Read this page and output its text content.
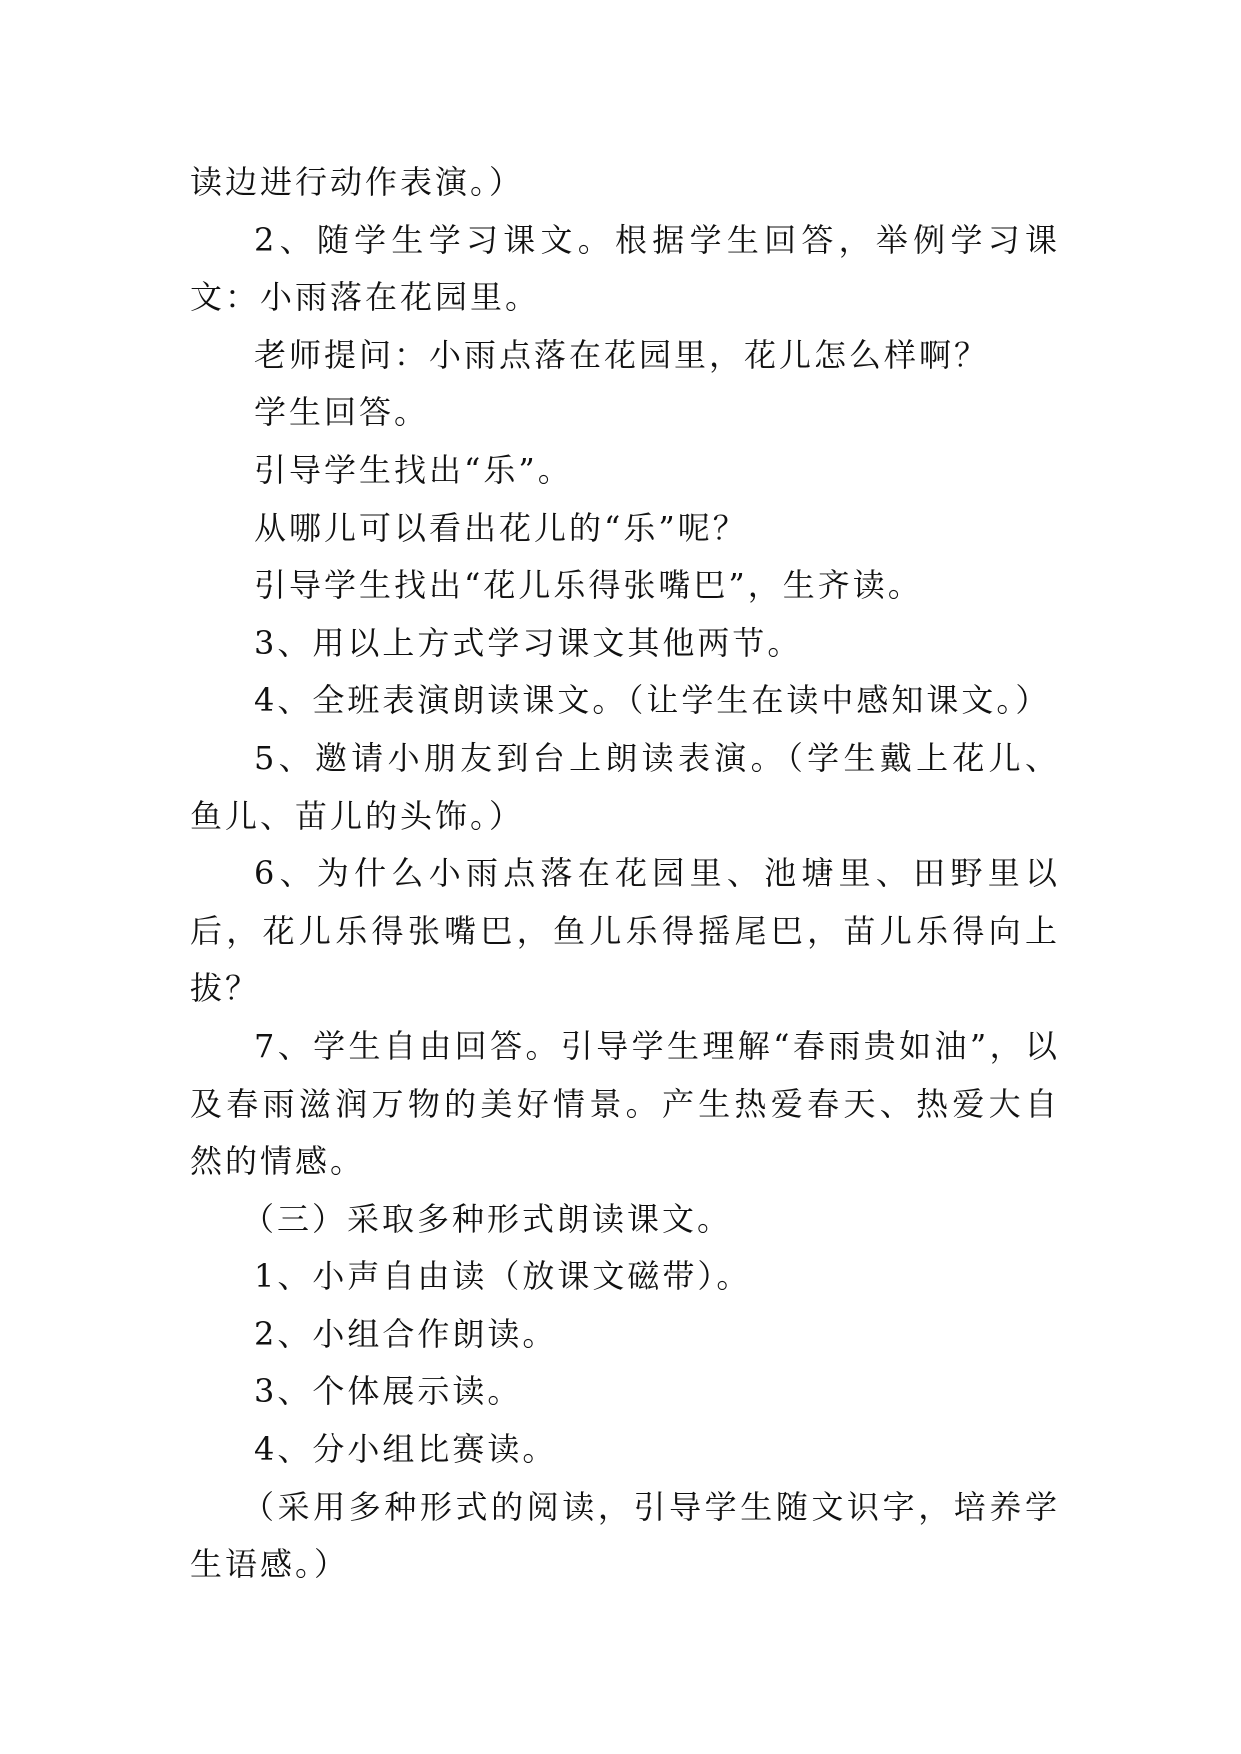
读边进行动作表演。）

2、随学生学习课文。根据学生回答，举例学习课文：小雨落在花园里。

老师提问：小雨点落在花园里，花儿怎么样啊？

学生回答。

引导学生找出“乐”。

从哪儿可以看出花儿的“乐”呢？

引导学生找出“花儿乐得张嘴巴”，生齐读。

3、用以上方式学习课文其他两节。

4、全班表演朗读课文。（让学生在读中感知课文。）

5、邀请小朋友到台上朗读表演。（学生戴上花儿、鱼儿、苗儿的头饰。）

6、为什么小雨点落在花园里、池塘里、田野里以后，花儿乐得张嘴巴，鱼儿乐得摇尾巴，苗儿乐得向上拔？

7、学生自由回答。引导学生理解“春雨贵如油”，以及春雨滋润万物的美好情景。产生热爱春天、热爱大自然的情感。

（三）采取多种形式朗读课文。

1、小声自由读（放课文磁带）。

2、小组合作朗读。

3、个体展示读。

4、分小组比赛读。

（采用多种形式的阅读，引导学生随文识字，培养学生语感。）
